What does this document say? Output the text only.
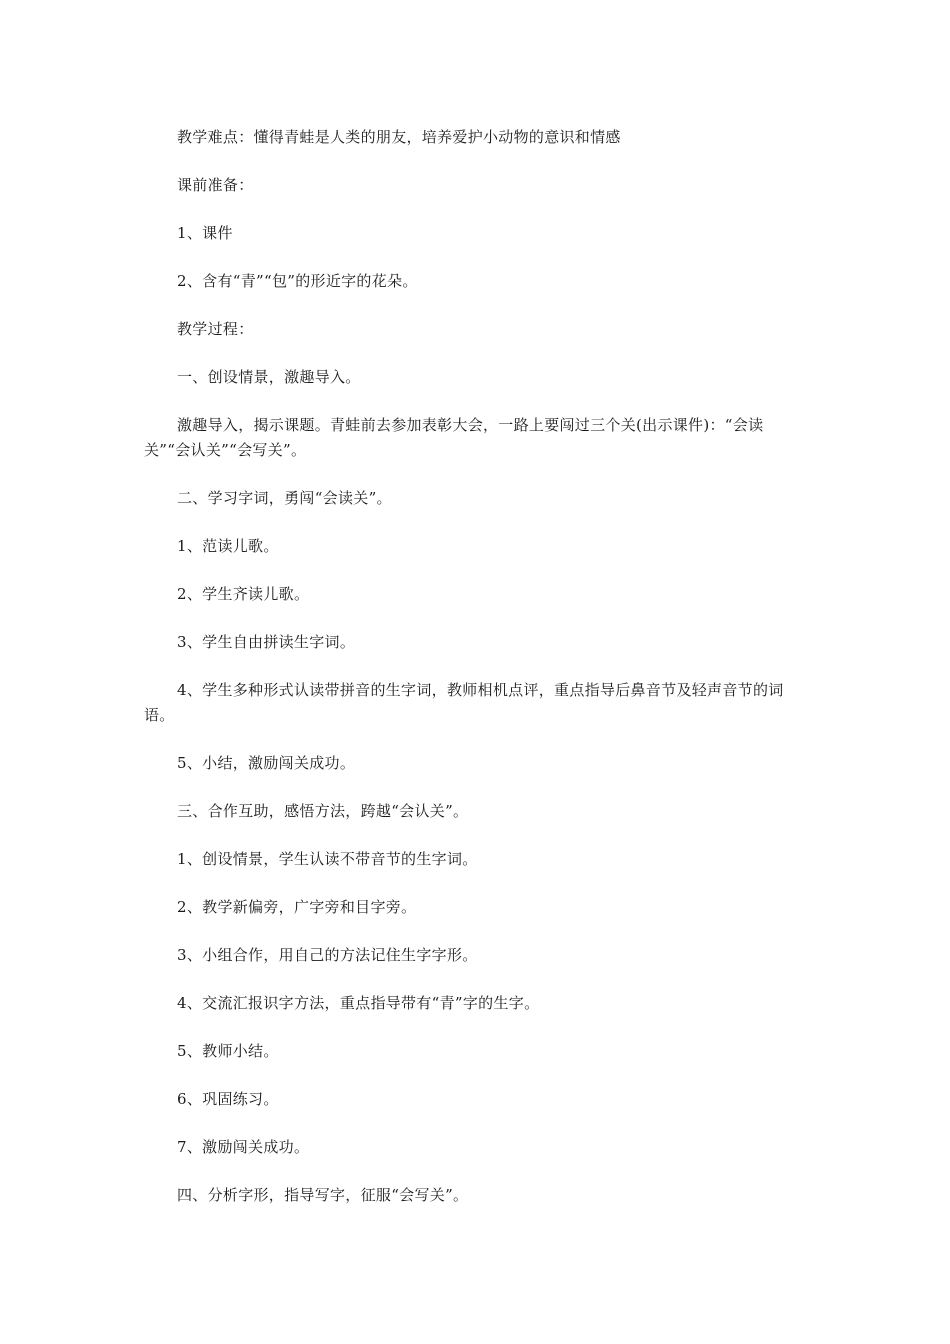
教学难点：懂得青蛙是人类的朋友，培养爱护小动物的意识和情感

课前准备：

1、课件

2、含有“青”“包”的形近字的花朵。

教学过程：

一、创设情景，激趣导入。

激趣导入，揭示课题。青蛙前去参加表彰大会，一路上要闯过三个关(出示课件)：“会读关”“会认关”“会写关”。

二、学习字词，勇闯“会读关”。

1、范读儿歌。

2、学生齐读儿歌。

3、学生自由拼读生字词。

4、学生多种形式认读带拼音的生字词，教师相机点评，重点指导后鼻音节及轻声音节的词语。

5、小结，激励闯关成功。

三、合作互助，感悟方法，跨越“会认关”。

1、创设情景，学生认读不带音节的生字词。

2、教学新偏旁，广字旁和目字旁。

3、小组合作，用自己的方法记住生字字形。

4、交流汇报识字方法，重点指导带有“青”字的生字。

5、教师小结。

6、巩固练习。

7、激励闯关成功。

四、分析字形，指导写字，征服“会写关”。
